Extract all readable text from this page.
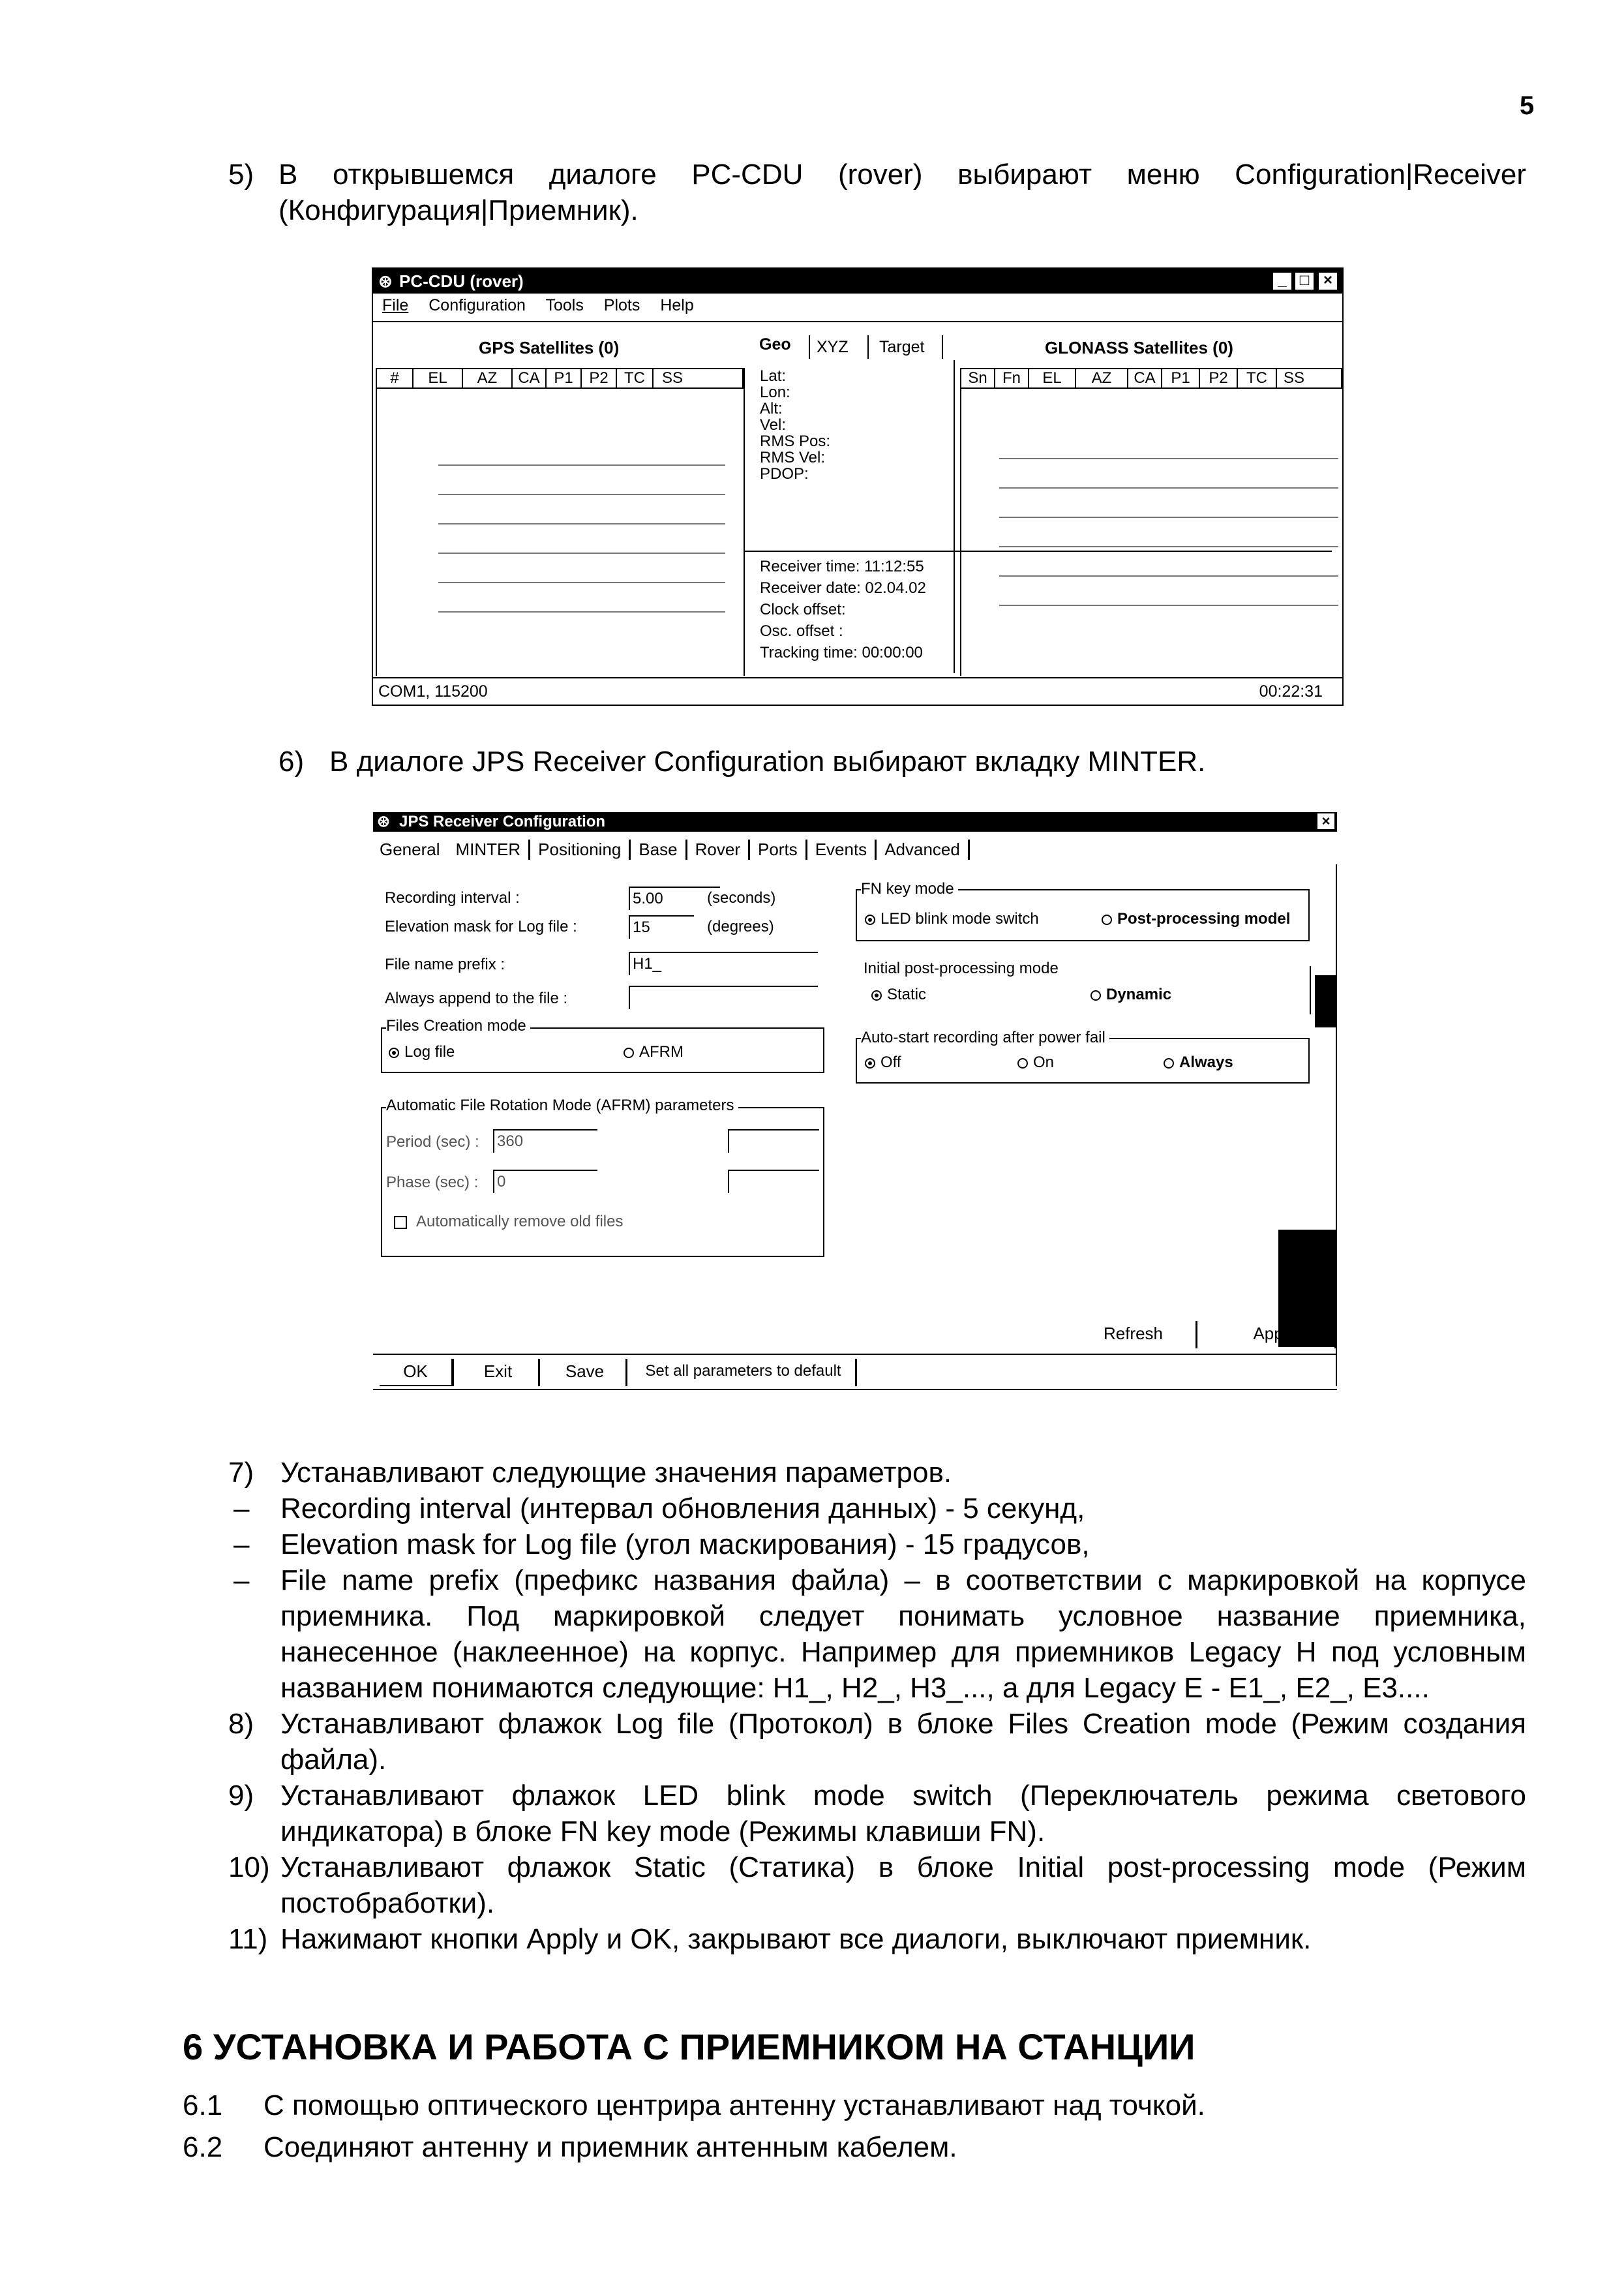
5
5) В открывшемся диалоге PC-CDU (rover) выбирают меню Configuration|Receiver
(Конфигурация|Приемник).
⊛ PC-CDU (rover)	_ □ ×
File Configuration Tools Plots Help
GPS Satellites (0)
#	EL	AZ	CA P1	P2	TC	SS
Geo XYZ Target
Lat:
Lon:
Alt:
Vel:
RMS Pos:
RMS Vel:
PDOP:
Receiver time: 11:12:55
Receiver date: 02.04.02
Clock offset:
Osc. offset :
Tracking time: 00:00:00
GLONASS Satellites (0)
Sn Fn	EL	AZ	CA P1	P2	TC	SS
COM1, 115200	00:22:31
6) В диалоге JPS Receiver Configuration выбирают вкладку MINTER.
⊛ JPS Receiver Configuration	×
General MINTER	Positioning	Base	Rover	Ports	Events	Advanced
Recording interval :	5.00	(seconds)
Elevation mask for Log file :	15	(degrees)
File name prefix :	H1_
Always append to the file :
Files Creation mode
Log file	AFRM
Automatic File Rotation Mode (AFRM) parameters
Period (sec) : 360
Phase (sec) : 0
Automatically remove old files
FN key mode
LED blink mode switch	Post-processing model
Initial post-processing mode
Static	Dynamic
Auto-start recording after power fail
Off	On	Always
Refresh	Apply
OK	Exit	Save	Set all parameters to default
7) Устанавливают следующие значения параметров.
– Recording interval (интервал обновления данных) - 5 секунд,
– Elevation mask for Log file (угол маскирования) - 15 градусов,
– File name prefix (префикс названия файла) – в соответствии с маркировкой на корпусе
приемника. Под маркировкой следует понимать условное название приемника,
нанесенное (наклеенное) на корпус. Например для приемников Legacy H под условным
названием понимаются следующие: H1_, H2_, H3_..., а для Legacy E - E1_, E2_, E3....
8) Устанавливают флажок Log file (Протокол) в блоке Files Creation mode (Режим создания
файла).
9) Устанавливают флажок LED blink mode switch (Переключатель режима светового
индикатора) в блоке FN key mode (Режимы клавиши FN).
10) Устанавливают флажок Static (Статика) в блоке Initial post-processing mode (Режим
постобработки).
11) Нажимают кнопки Apply и OK, закрывают все диалоги, выключают приемник.
6 УСТАНОВКА И РАБОТА С ПРИЕМНИКОМ НА СТАНЦИИ
6.1 С помощью оптического центрира антенну устанавливают над точкой.
6.2 Соединяют антенну и приемник антенным кабелем.
